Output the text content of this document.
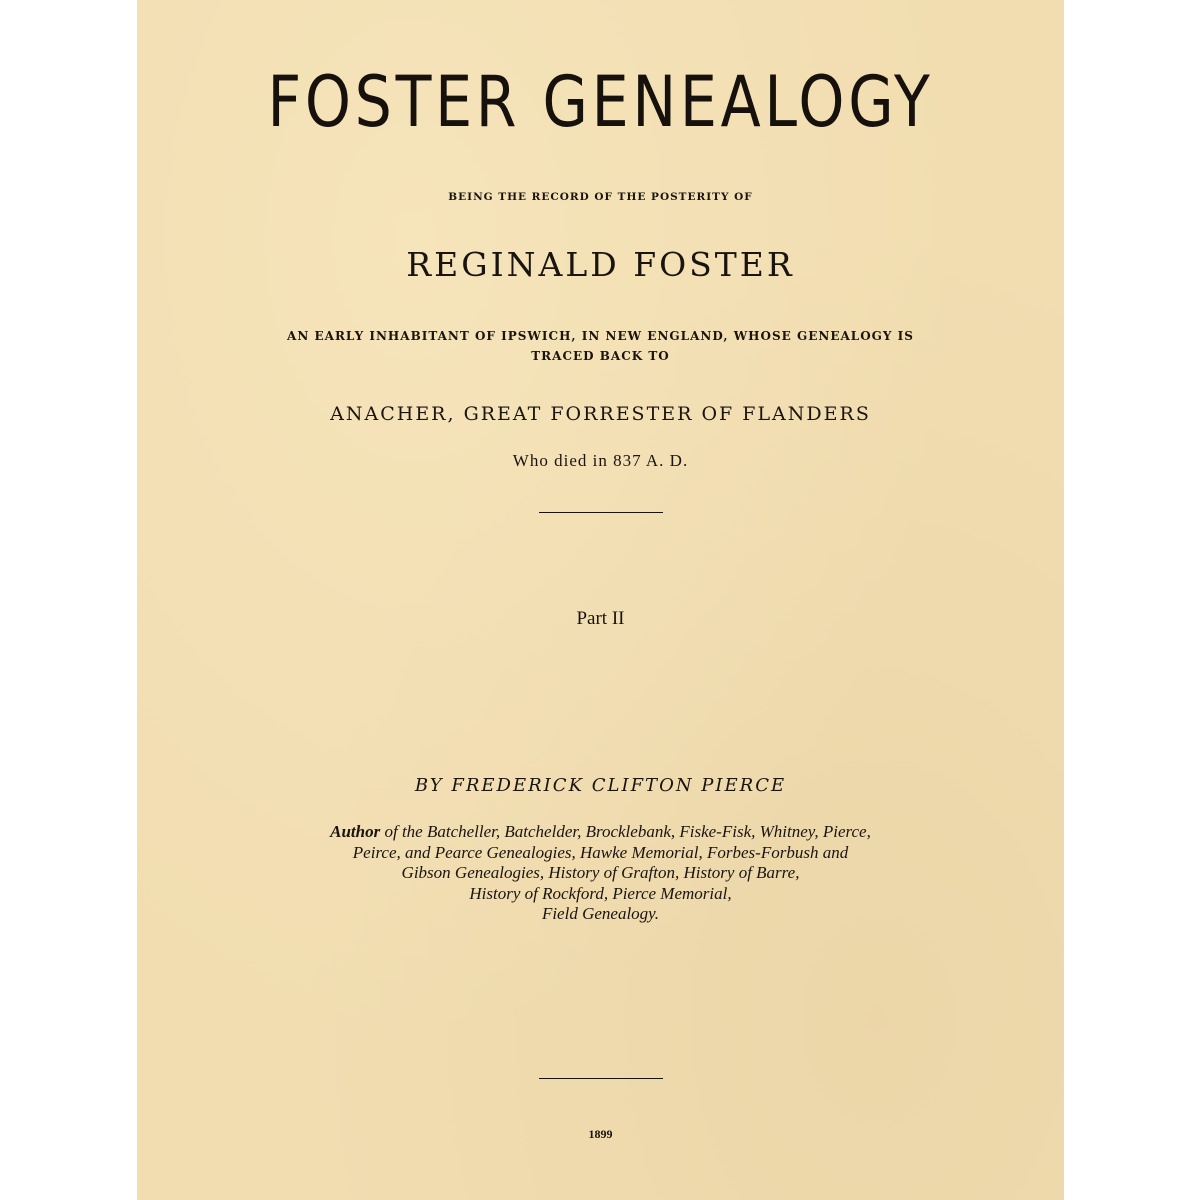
FOSTER GENEALOGY
BEING THE RECORD OF THE POSTERITY OF
REGINALD FOSTER
AN EARLY INHABITANT OF IPSWICH, IN NEW ENGLAND, WHOSE GENEALOGY IS
TRACED BACK TO
ANACHER, GREAT FORRESTER OF FLANDERS
Who died in 837 A. D.
Part II
BY FREDERICK CLIFTON PIERCE
Author of the Batcheller, Batchelder, Brocklebank, Fiske-Fisk, Whitney, Pierce,
Peirce, and Pearce Genealogies, Hawke Memorial, Forbes-Forbush and
Gibson Genealogies, History of Grafton, History of Barre,
History of Rockford, Pierce Memorial,
Field Genealogy.
1899
